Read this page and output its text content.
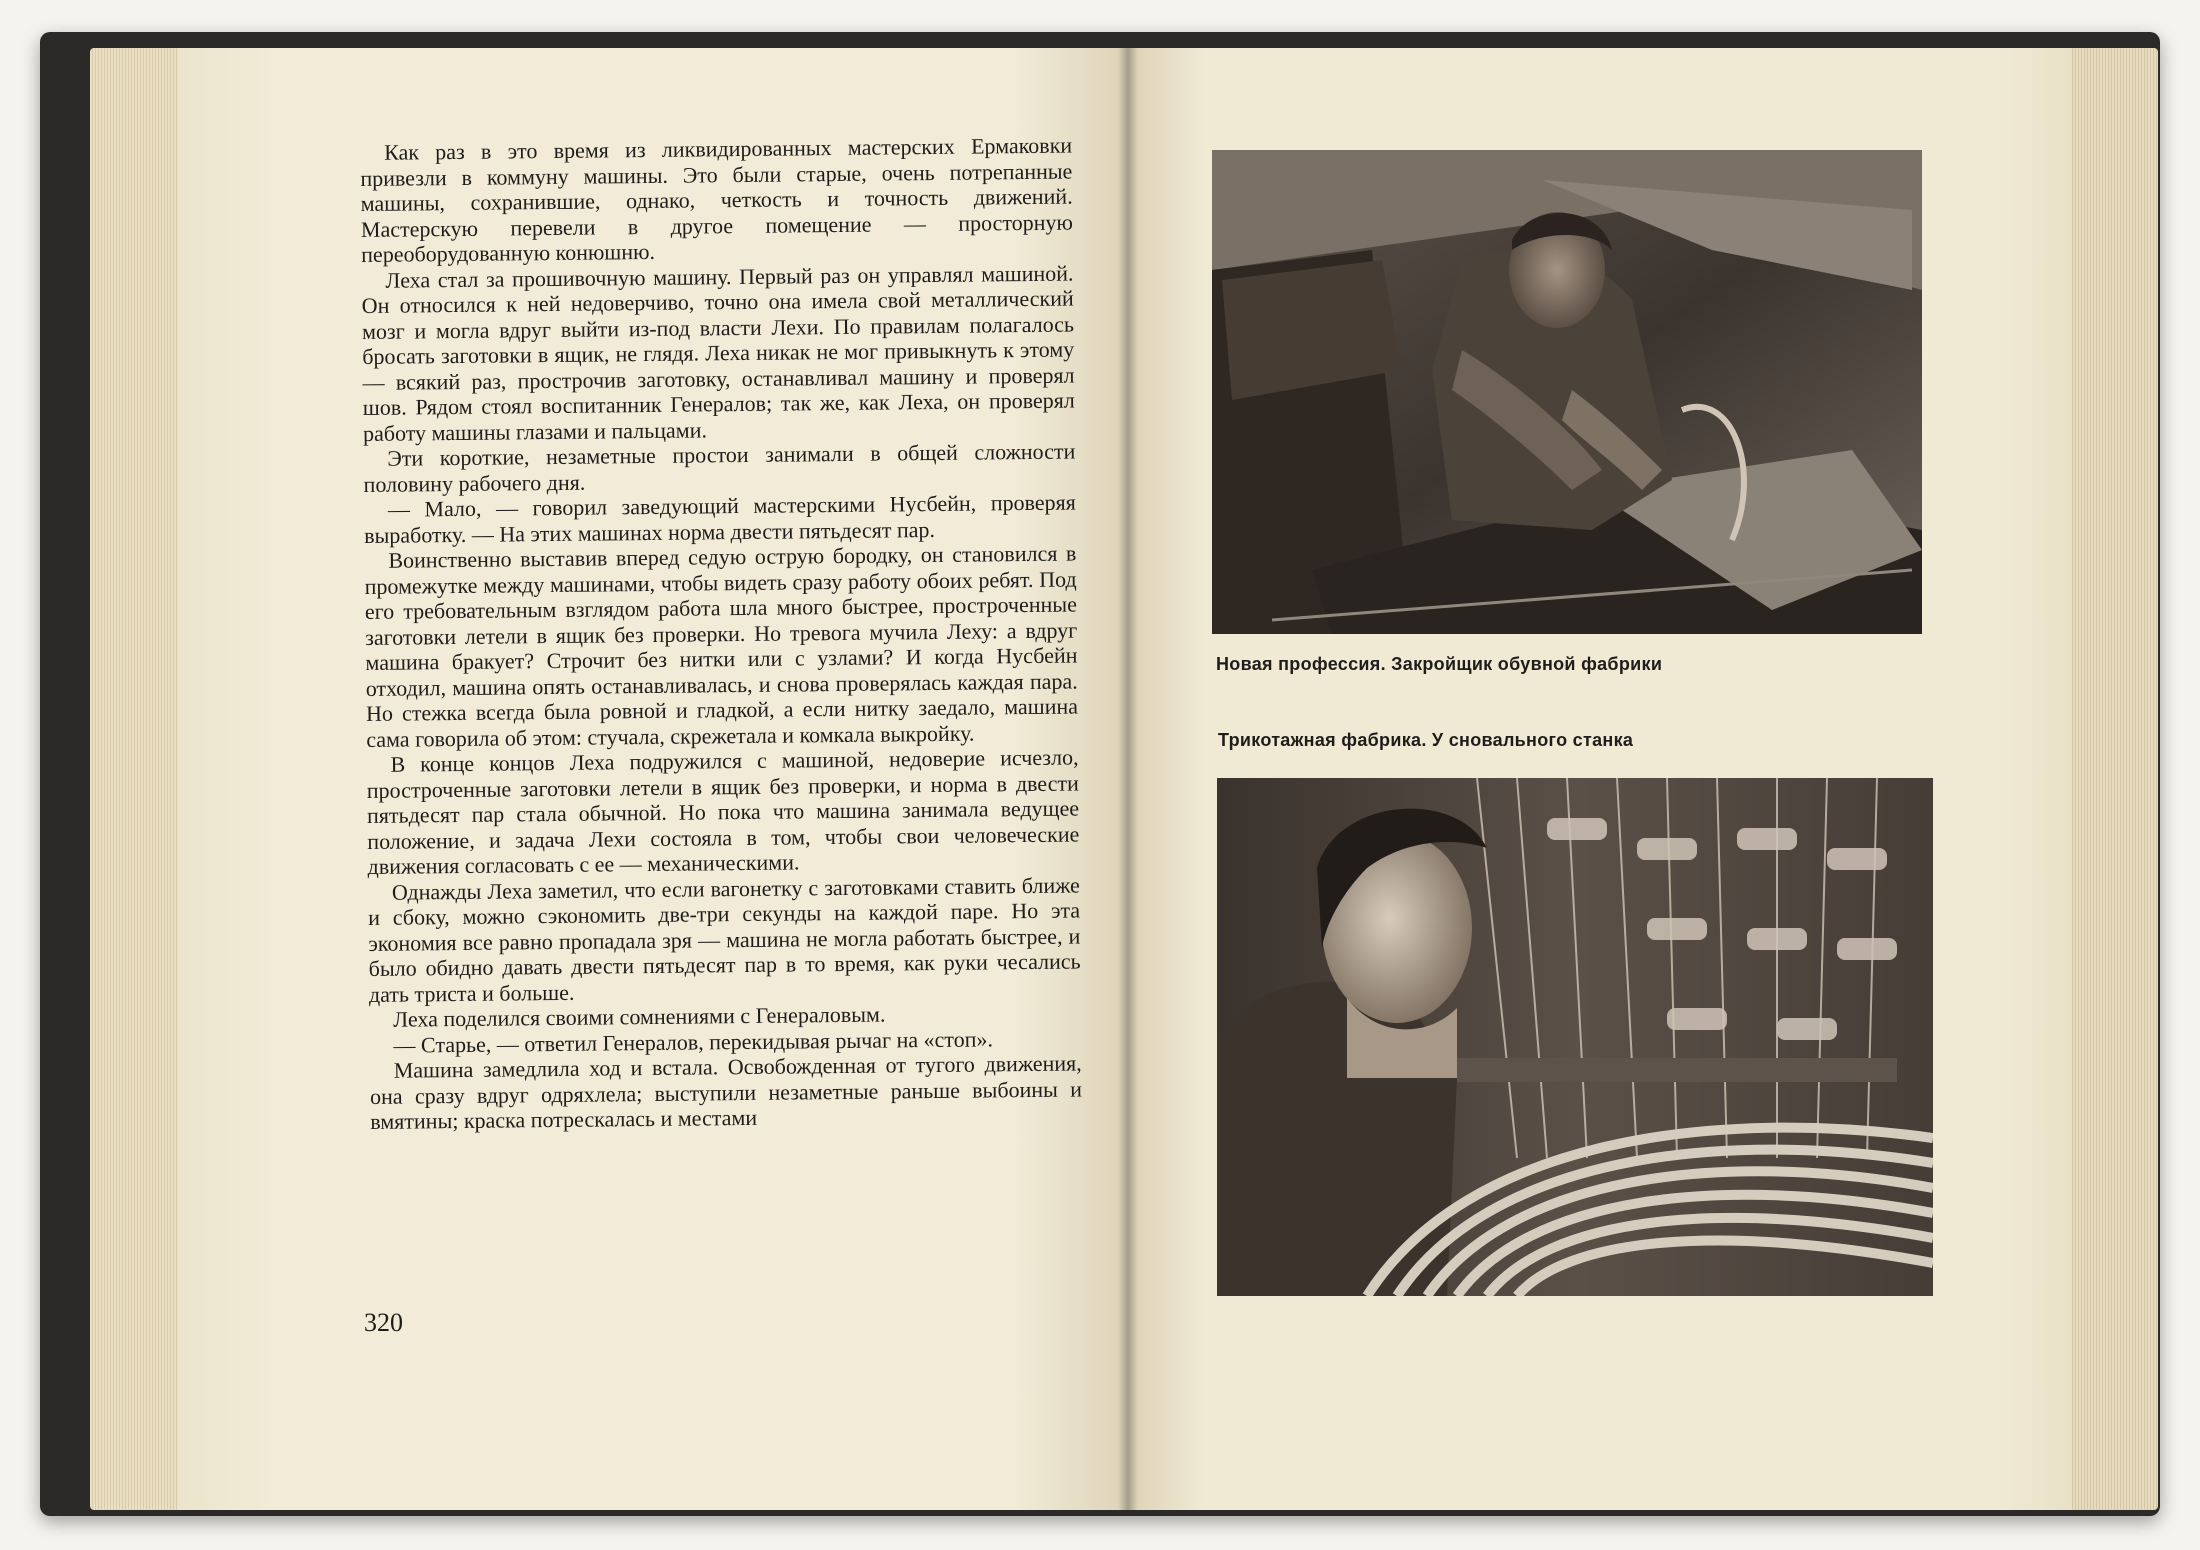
Как раз в это время из ликвидированных мастерских Ермаковки привезли в коммуну машины. Это были старые, очень потрепанные машины, сохранившие, однако, четкость и точность движений. Мастерскую перевели в другое помещение — просторную переоборудованную конюшню.

Леха стал за прошивочную машину. Первый раз он управлял машиной. Он относился к ней недоверчиво, точно она имела свой металлический мозг и могла вдруг выйти из-под власти Лехи. По правилам полагалось бросать заготовки в ящик, не глядя. Леха никак не мог привыкнуть к этому — всякий раз, прострочив заготовку, останавливал машину и проверял шов. Рядом стоял воспитанник Генералов; так же, как Леха, он проверял работу машины глазами и пальцами.

Эти короткие, незаметные простои занимали в общей сложности половину рабочего дня.

— Мало, — говорил заведующий мастерскими Нусбейн, проверяя выработку. — На этих машинах норма двести пятьдесят пар.

Воинственно выставив вперед седую острую бородку, он становился в промежутке между машинами, чтобы видеть сразу работу обоих ребят. Под его требовательным взглядом работа шла много быстрее, простроченные заготовки летели в ящик без проверки. Но тревога мучила Леху: а вдруг машина бракует? Строчит без нитки или с узлами? И когда Нусбейн отходил, машина опять останавливалась, и снова проверялась каждая пара. Но стежка всегда была ровной и гладкой, а если нитку заедало, машина сама говорила об этом: стучала, скрежетала и комкала выкройку.

В конце концов Леха подружился с машиной, недоверие исчезло, простроченные заготовки летели в ящик без проверки, и норма в двести пятьдесят пар стала обычной. Но пока что машина занимала ведущее положение, и задача Лехи состояла в том, чтобы свои человеческие движения согласовать с ее — механическими.

Однажды Леха заметил, что если вагонетку с заготовками ставить ближе и сбоку, можно сэкономить две-три секунды на каждой паре. Но эта экономия все равно пропадала зря — машина не могла работать быстрее, и было обидно давать двести пятьдесят пар в то время, как руки чесались дать триста и больше.

Леха поделился своими сомнениями с Генераловым.

— Старье, — ответил Генералов, перекидывая рычаг на «стоп».

Машина замедлила ход и встала. Освобожденная от тугого движения, она сразу вдруг одряхлела; выступили незаметные раньше выбоины и вмятины; краска потрескалась и местами

320
Новая профессия. Закройщик обувной фабрики
Трикотажная фабрика. У сновального станка
